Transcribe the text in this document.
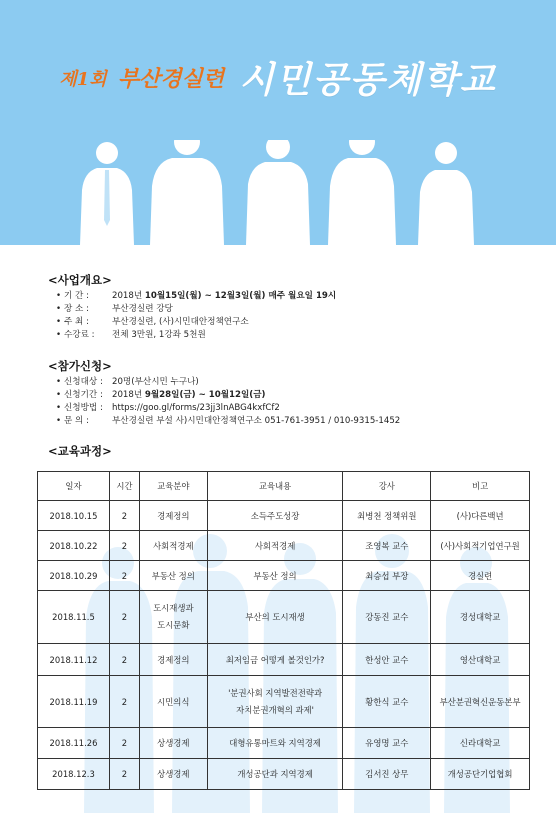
제1회 부산경실련 시민공동체학교
<사업개요>
• 기 간 :	2018년 10월15일(월) ~ 12월3일(월) 매주 월요일 19시
• 장 소 :	부산경실련 강당
• 주 최 :	부산경실련, (사)시민대안정책연구소
• 수강료 : 전체 3만원, 1강좌 5천원
<참가신청>
• 신청대상 : 20명(부산시민 누구나)
• 신청기간 : 2018년 9월28일(금) ~ 10월12일(금)
• 신청방법 : https://goo.gl/forms/23jj3lnABG4kxfCf2
• 문 의 :	부산경실련 부설 사)시민대안정책연구소 051-761-3951 / 010-9315-1452
<교육과정>
일자	시간	교육분야	교육내용	강사	비고
2018.10.15	2	경제정의	소득주도성장	최병천 정책위원	(사)다른백년
2018.10.22	2	사회적경제	사회적경제	조영복 교수	(사)사회적기업연구원
2018.10.29	2	부동산 정의	부동산 정의	최승섭 부장	경실련
2018.11.5	2	도시재생과
도시문화	부산의 도시재생	강동진 교수	경성대학교
2018.11.12	2	경제정의	최저임금 어떻게 볼것인가?	한성안 교수	영산대학교
2018.11.19	2	시민의식	'분권사회 지역발전전략과
자치분권개혁의 과제'	황한식 교수	부산분권혁신운동본부
2018.11.26	2	상생경제	대형유통마트와 지역경제	유영명 교수	신라대학교
2018.12.3	2	상생경제	개성공단과 지역경제	김서진 상무	개성공단기업협회
